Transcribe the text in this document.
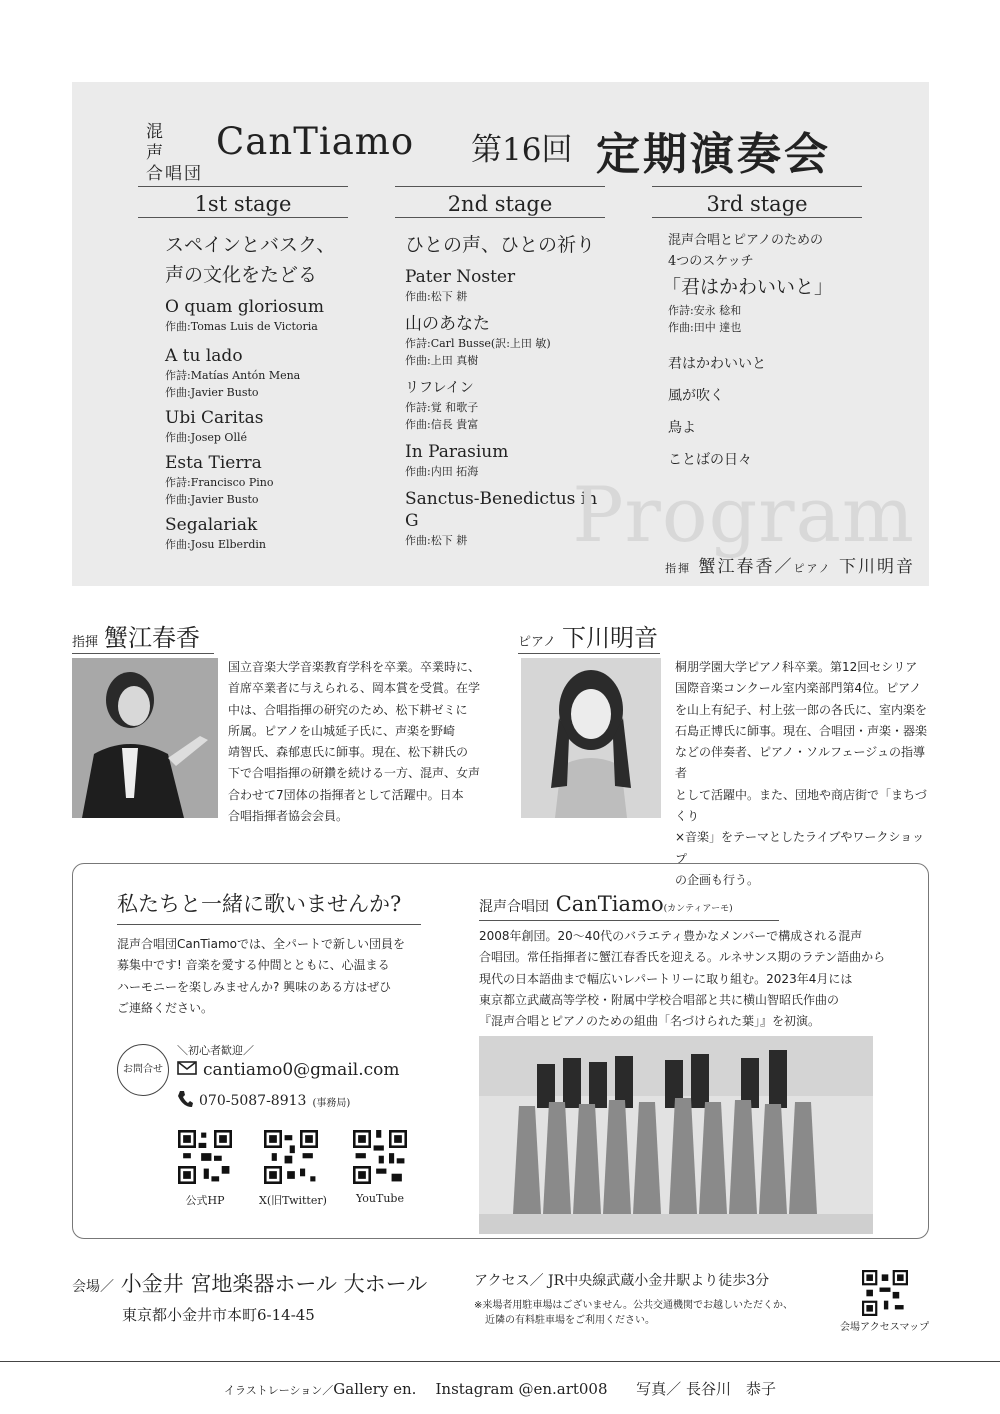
混 声
合唱団
CanTiamo 第16回 定期演奏会
1st stage
スペインとバスク、
声の文化をたどる
O quam gloriosum
作曲:Tomas Luis de Victoria
A tu lado
作詩:Matías Antón Mena
作曲:Javier Busto
Ubi Caritas
作曲:Josep Ollé
Esta Tierra
作詩:Francisco Pino
作曲:Javier Busto
Segalariak
作曲:Josu Elberdin
2nd stage
ひとの声、ひとの祈り
Pater Noster
作曲:松下 耕
山のあなた
作詩:Carl Busse(訳:上田 敏)
作曲:上田 真樹
リフレイン
作詩:覚 和歌子
作曲:信長 貴富
In Parasium
作曲:内田 拓海
Sanctus-Benedictus in G
作曲:松下 耕
3rd stage
混声合唱とピアノのための
4つのスケッチ
「君はかわいいと」
作詩:安永 稔和
作曲:田中 達也
君はかわいいと
風が吹く
鳥よ
ことばの日々
Program
指揮 蟹江春香／ピアノ 下川明音
指揮 蟹江春香
国立音楽大学音楽教育学科を卒業。卒業時に、
首席卒業者に与えられる、岡本賞を受賞。在学
中は、合唱指揮の研究のため、松下耕ゼミに
所属。ピアノを山城延子氏に、声楽を野崎
靖智氏、森郁恵氏に師事。現在、松下耕氏の
下で合唱指揮の研鑽を続ける一方、混声、女声
合わせて7団体の指揮者として活躍中。日本
合唱指揮者協会会員。
ピアノ 下川明音
桐朋学園大学ピアノ科卒業。第12回セシリア
国際音楽コンクール室内楽部門第4位。ピアノ
を山上有紀子、村上弦一郎の各氏に、室内楽を
石島正博氏に師事。現在、合唱団・声楽・器楽
などの伴奏者、ピアノ・ソルフェージュの指導者
として活躍中。また、団地や商店街で「まちづくり
×音楽」をテーマとしたライブやワークショップ
の企画も行う。
私たちと一緒に歌いませんか?
混声合唱団CanTiamoでは、全パートで新しい団員を
募集中です! 音楽を愛する仲間とともに、心温まる
ハーモニーを楽しみませんか? 興味のある方はぜひ
ご連絡ください。
お問合せ
＼初心者歓迎／
cantiamo0@gmail.com
070-5087-8913 (事務局)
公式HP	X(旧Twitter)	YouTube
混声合唱団 CanTiamo(カンティアーモ)
2008年創団。20〜40代のバラエティ豊かなメンバーで構成される混声
合唱団。常任指揮者に蟹江春香氏を迎える。ルネサンス期のラテン語曲から
現代の日本語曲まで幅広いレパートリーに取り組む。2023年4月には
東京都立武蔵高等学校・附属中学校合唱部と共に横山智昭氏作曲の
『混声合唱とピアノのための組曲「名づけられた葉」』を初演。
会場／ 小金井 宮地楽器ホール 大ホール
東京都小金井市本町6-14-45
アクセス／ JR中央線武蔵小金井駅より徒歩3分
※来場者用駐車場はございません。公共交通機関でお越しいただくか、
近隣の有料駐車場をご利用ください。
会場アクセスマップ
イラストレーション／Gallery en. Instagram @en.art008 写真／ 長谷川　恭子
